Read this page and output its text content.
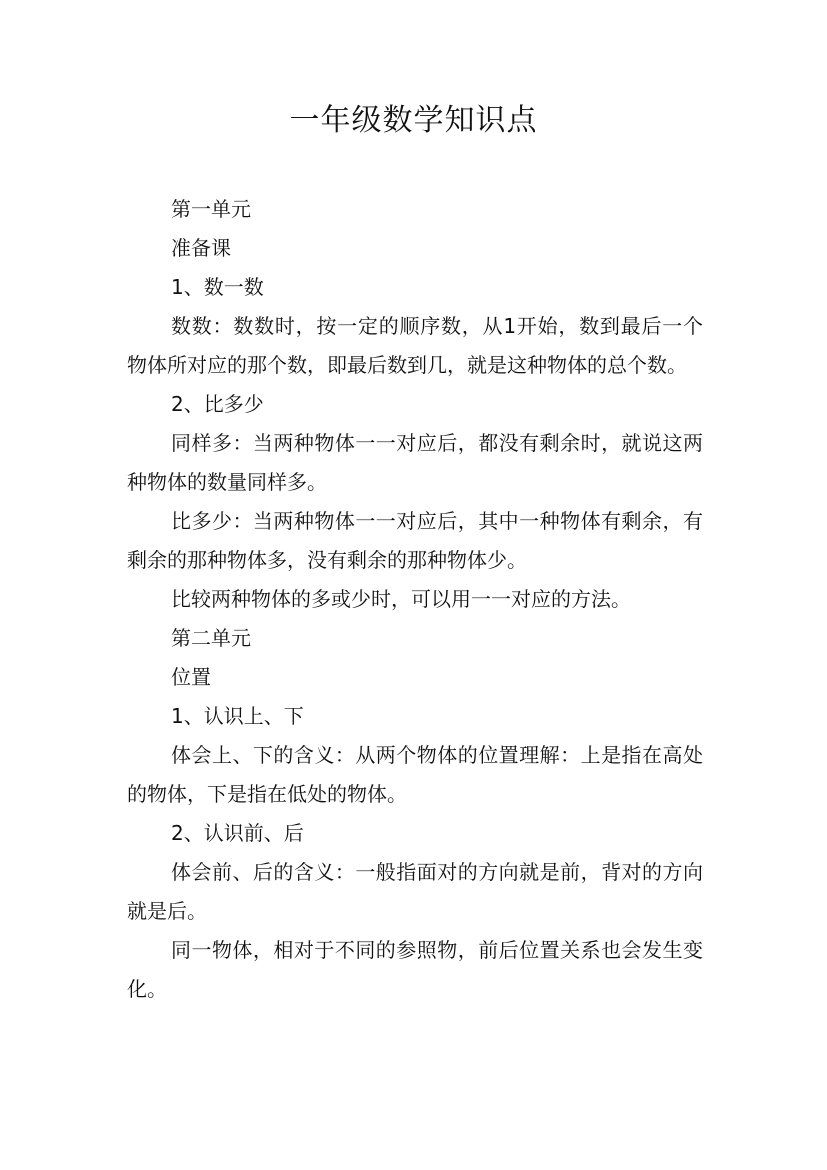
一年级数学知识点

第一单元

准备课

1、数一数

数数：数数时，按一定的顺序数，从1开始，数到最后一个物体所对应的那个数，即最后数到几，就是这种物体的总个数。

2、比多少

同样多：当两种物体一一对应后，都没有剩余时，就说这两种物体的数量同样多。

比多少：当两种物体一一对应后，其中一种物体有剩余，有剩余的那种物体多，没有剩余的那种物体少。

比较两种物体的多或少时，可以用一一对应的方法。

第二单元

位置

1、认识上、下

体会上、下的含义：从两个物体的位置理解：上是指在高处的物体，下是指在低处的物体。

2、认识前、后

体会前、后的含义：一般指面对的方向就是前，背对的方向就是后。

同一物体，相对于不同的参照物，前后位置关系也会发生变化。
